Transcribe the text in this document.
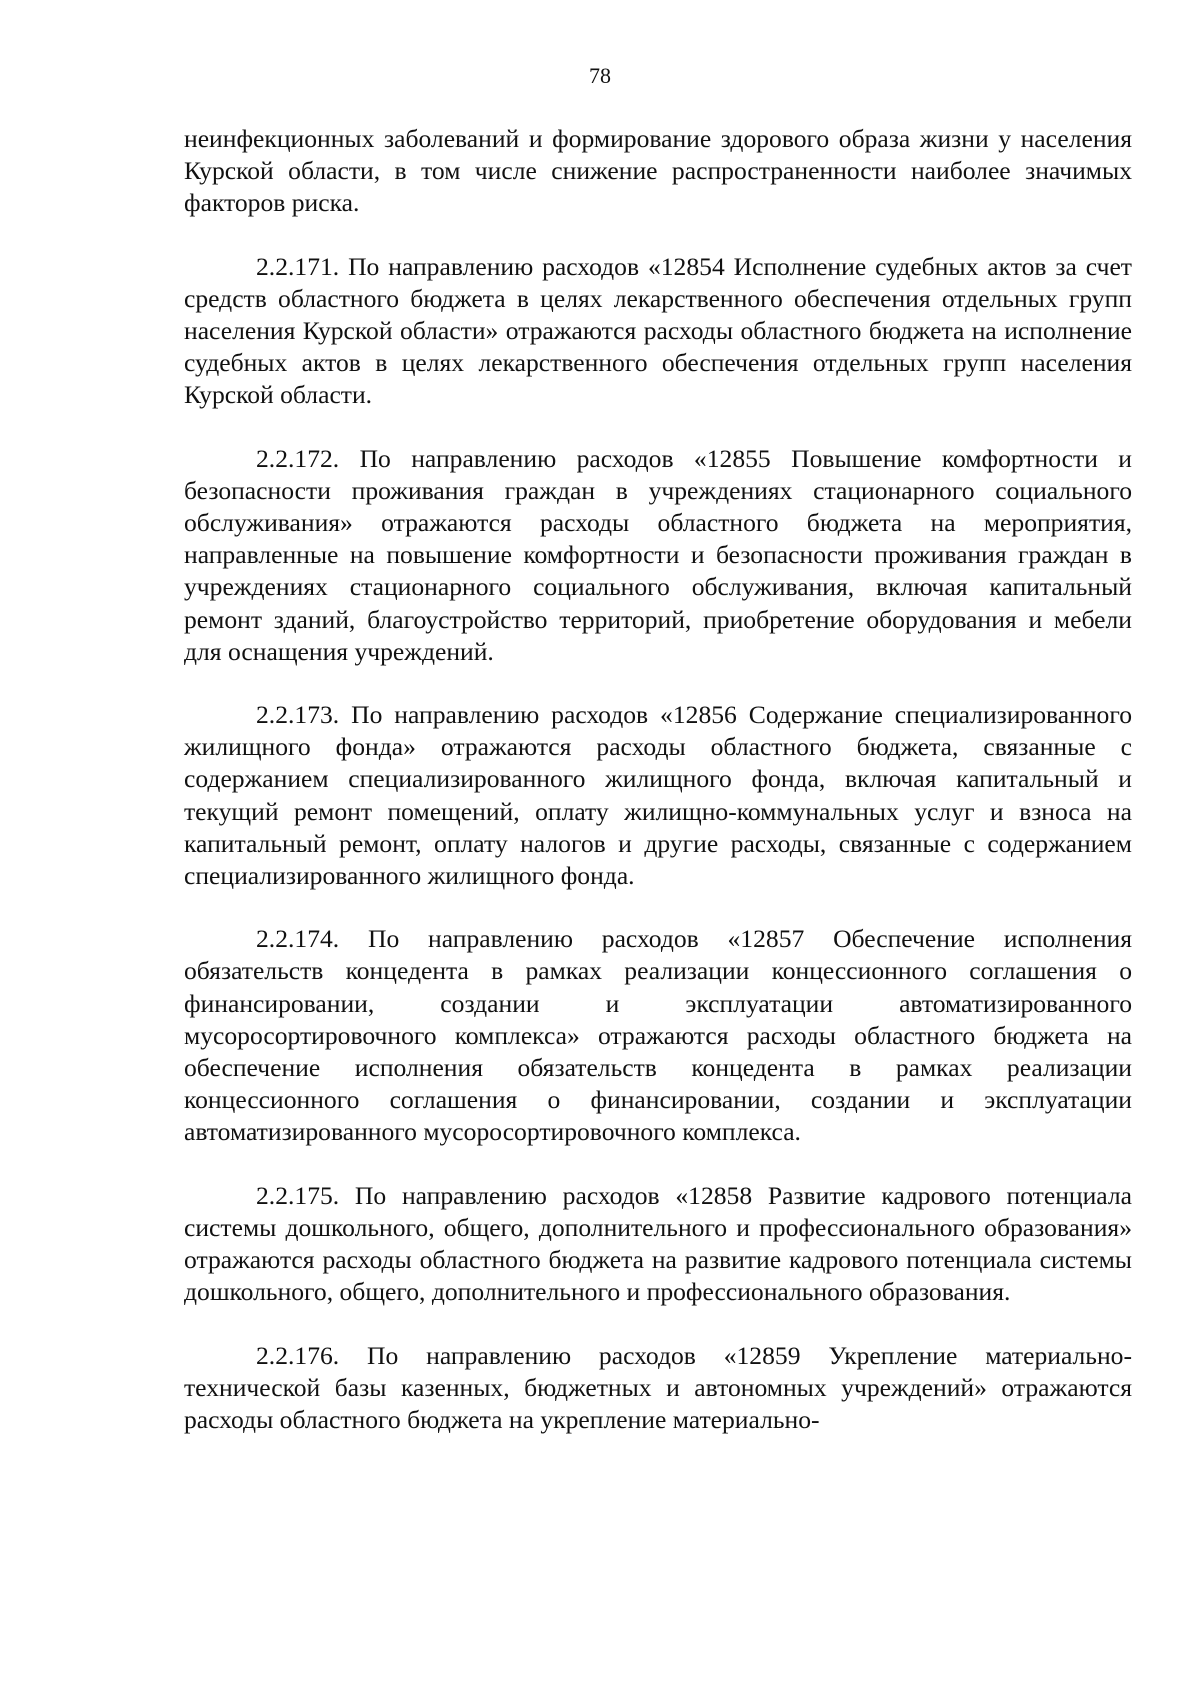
78

неинфекционных заболеваний и формирование здорового образа жизни у населения Курской области, в том числе снижение распространенности наиболее значимых факторов риска.

2.2.171. По направлению расходов «12854 Исполнение судебных актов за счет средств областного бюджета в целях лекарственного обеспечения отдельных групп населения Курской области» отражаются расходы областного бюджета на исполнение судебных актов в целях лекарственного обеспечения отдельных групп населения Курской области.

2.2.172. По направлению расходов «12855 Повышение комфортности и безопасности проживания граждан в учреждениях стационарного социального обслуживания» отражаются расходы областного бюджета на мероприятия, направленные на повышение комфортности и безопасности проживания граждан в учреждениях стационарного социального обслуживания, включая капитальный ремонт зданий, благоустройство территорий, приобретение оборудования и мебели для оснащения учреждений.

2.2.173. По направлению расходов «12856 Содержание специализированного жилищного фонда» отражаются расходы областного бюджета, связанные с содержанием специализированного жилищного фонда, включая капитальный и текущий ремонт помещений, оплату жилищно-коммунальных услуг и взноса на капитальный ремонт, оплату налогов и другие расходы, связанные с содержанием специализированного жилищного фонда.

2.2.174. По направлению расходов «12857 Обеспечение исполнения обязательств концедента в рамках реализации концессионного соглашения о финансировании, создании и эксплуатации автоматизированного мусоросортировочного комплекса» отражаются расходы областного бюджета на обеспечение исполнения обязательств концедента в рамках реализации концессионного соглашения о финансировании, создании и эксплуатации автоматизированного мусоросортировочного комплекса.

2.2.175. По направлению расходов «12858 Развитие кадрового потенциала системы дошкольного, общего, дополнительного и профессионального образования» отражаются расходы областного бюджета на развитие кадрового потенциала системы дошкольного, общего, дополнительного и профессионального образования.

2.2.176. По направлению расходов «12859 Укрепление материально-технической базы казенных, бюджетных и автономных учреждений» отражаются расходы областного бюджета на укрепление материально-
